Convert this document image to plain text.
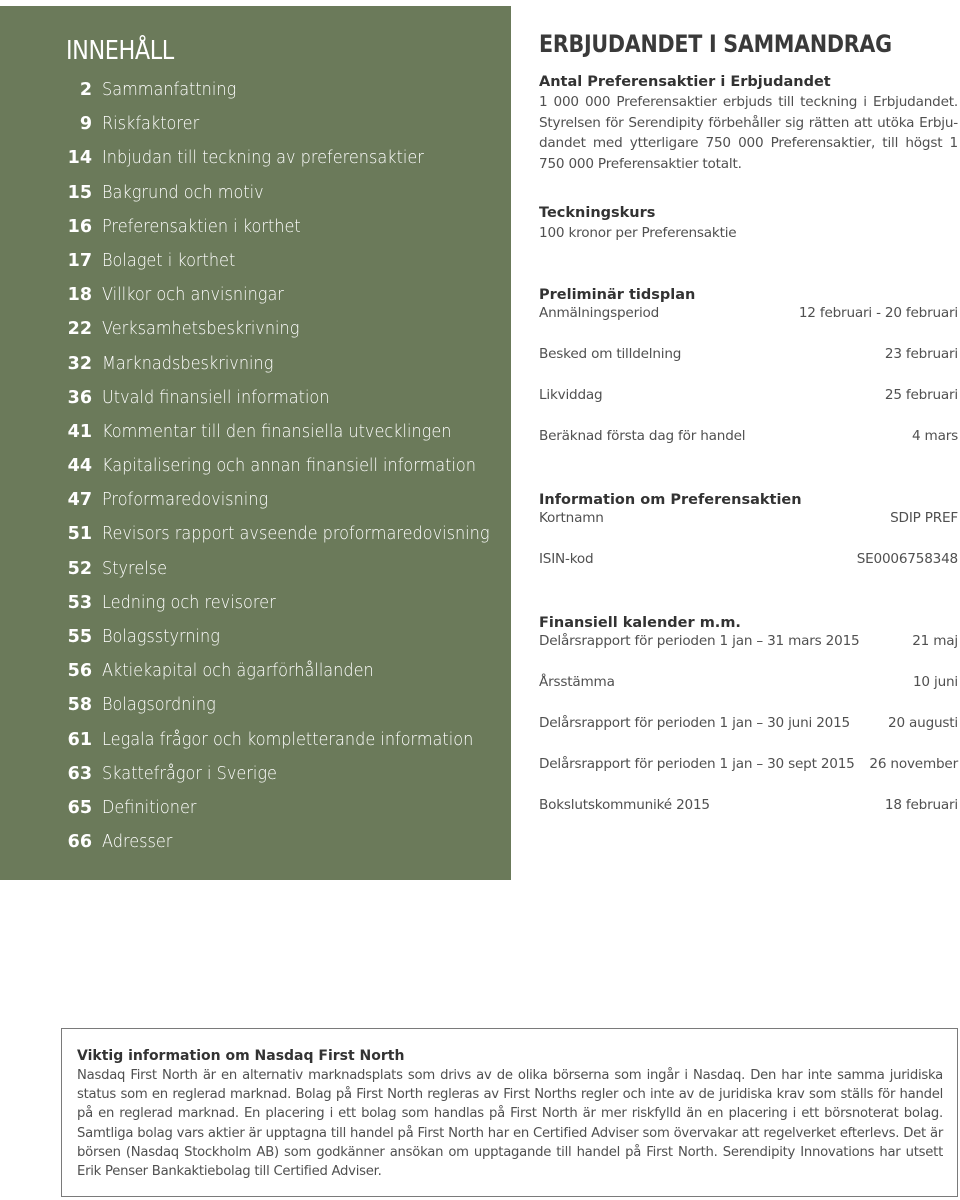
INNEHÅLL
2 Sammanfattning
9 Riskfaktorer
14 Inbjudan till teckning av preferensaktier
15 Bakgrund och motiv
16 Preferensaktien i korthet
17 Bolaget i korthet
18 Villkor och anvisningar
22 Verksamhetsbeskrivning
32 Marknadsbeskrivning
36 Utvald finansiell information
41 Kommentar till den finansiella utvecklingen
44 Kapitalisering och annan finansiell information
47 Proformaredovisning
51 Revisors rapport avseende proformaredovisning
52 Styrelse
53 Ledning och revisorer
55 Bolagsstyrning
56 Aktiekapital och ägarförhållanden
58 Bolagsordning
61 Legala frågor och kompletterande information
63 Skattefrågor i Sverige
65 Definitioner
66 Adresser
ERBJUDANDET I SAMMANDRAG

Antal Preferensaktier i Erbjudandet

1 000 000 Preferensaktier erbjuds till teckning i Erbjudandet. Styrelsen för Serendipity förbehåller sig rätten att utöka Erbju-dandet med ytterligare 750 000 Preferensaktier, till högst 1 750 000 Preferensaktier totalt.

Teckningskurs

100 kronor per Preferensaktie

Preliminär tidsplan

Anmälningsperiod	12 februari - 20 februari
Besked om tilldelning	23 februari
Likviddag	25 februari
Beräknad första dag för handel	4 mars

Information om Preferensaktien

Kortnamn	SDIP PREF
ISIN-kod	SE0006758348

Finansiell kalender m.m.

Delårsrapport för perioden 1 jan – 31 mars 2015	21 maj
Årsstämma	10 juni
Delårsrapport för perioden 1 jan – 30 juni 2015	20 augusti
Delårsrapport för perioden 1 jan – 30 sept 2015 26 november
Bokslutskommuniké 2015	18 februari

Viktig information om Nasdaq First North

Nasdaq First North är en alternativ marknadsplats som drivs av de olika börserna som ingår i Nasdaq. Den har inte samma juridiska status som en reglerad marknad. Bolag på First North regleras av First Norths regler och inte av de juridiska krav som ställs för handel på en reglerad marknad. En placering i ett bolag som handlas på First North är mer riskfylld än en placering i ett börsnoterat bolag. Samtliga bolag vars aktier är upptagna till handel på First North har en Certified Adviser som övervakar att regelverket efterlevs. Det är börsen (Nasdaq Stockholm AB) som godkänner ansökan om upptagande till handel på First North. Serendipity Innovations har utsett Erik Penser Bankaktiebolag till Certified Adviser.
